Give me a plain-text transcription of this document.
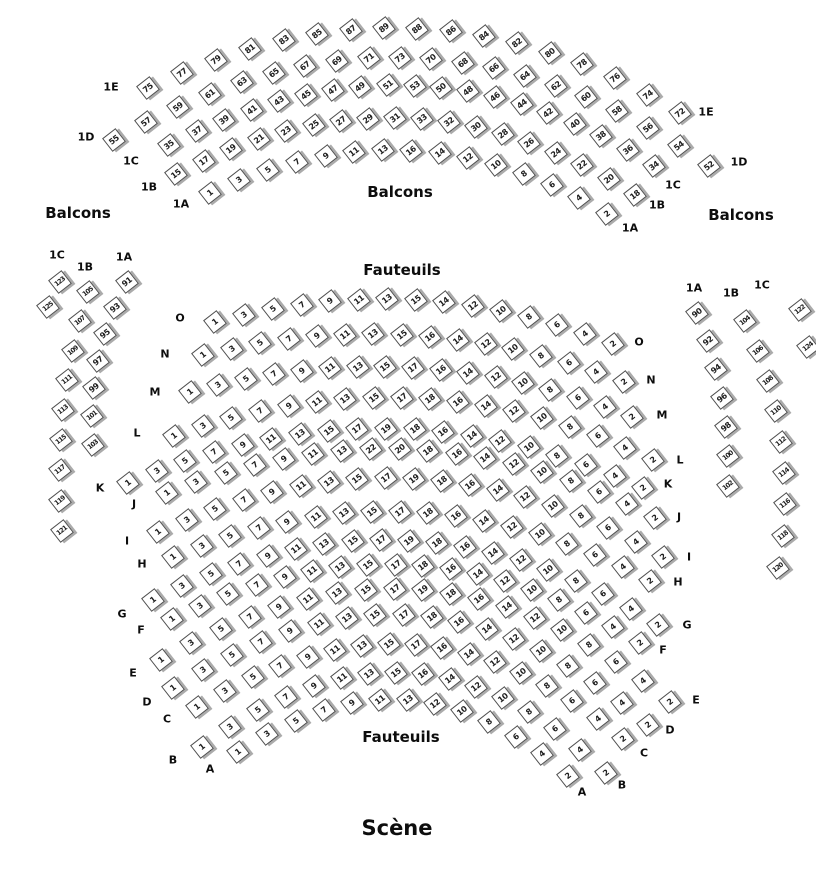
Scène
75
77
79
81
83	85 87 89 88 86 84
82
80
78
76
74
72
1E
1E
55
57
59
61
63
65
67 69 71 73 70 68 66
64
62
60
58
56
54
52
1D
1D
35
37
39
41
43 45 47 49 51 53 50 48 46
44
42
40
38
36
34
1C
1C
15
17
19
21
23 25 27 29 31 33 32 30
28
26
24
22
20
18
1B
1B
1
3
5
7
9 11 13 16 14 12
10
8
6
4
2
1A
1A
1
3
5 7 9 11 13 15 14 12 10 8
6
4
2
O
O
1
3
5 7 9 11 13 15 16 14 12 10 8
6
4
2
N
N
1
3
5 7 9 11 13 15 17 16 14 12 10
8
6
4
2
M
M
1
3
5
7
9 11 13 15 17 18 16 14 12
10
8
6
4
2
L
L
1
3
5
7
9 11 13 15 17 19 18 16 14 12 10
8
6
4
2
K	K
1
3
5
7
9 11 13 22 20 18 16 14 12
10
8
6
4
2
J
J
1
3
5
7
9 11 13 15 17 19 18 16 14
12
10
8
6
4
2
I
I
1
3
5
7
9 11 13 15 17 18 16 14 12
10
8
6
4
2
H
H
1
3
5
7
9 11 13 15 17 19 18 16 14
12
10
8
6
4
2
G
G
1
3
5
7
9 11 13 15 17 18 16 14
12
10
8
6
4
2
F
F
1
3
5
7
9
11 13 15 17 19 18 16
14
12
10
8
6
4
2
E
E
1
3
5
7
9
11 13 15 17 18 16
14
12
10
8
6
4
2
D
D
1
3
5
7
9 11 13 15 17 16 14
12
10
8
6
4
2
C
C
1
3
5
7
9
11 13 15 16 14
12
10
8
6
4
2
B
B
1
3
5
7
9 11 13 12
10
8
6
4
2
A
A
123
125
1C
105
107
109
111
113
115
117
119
121
1B
91
93
95
97
99
101
103
1A
90
92
94
96
98
100
102
1A
104
106
108
110
112
114
116
118
120
1B
122
124
1C
Balcons
Balcons
Balcons
Fauteuils
Fauteuils
